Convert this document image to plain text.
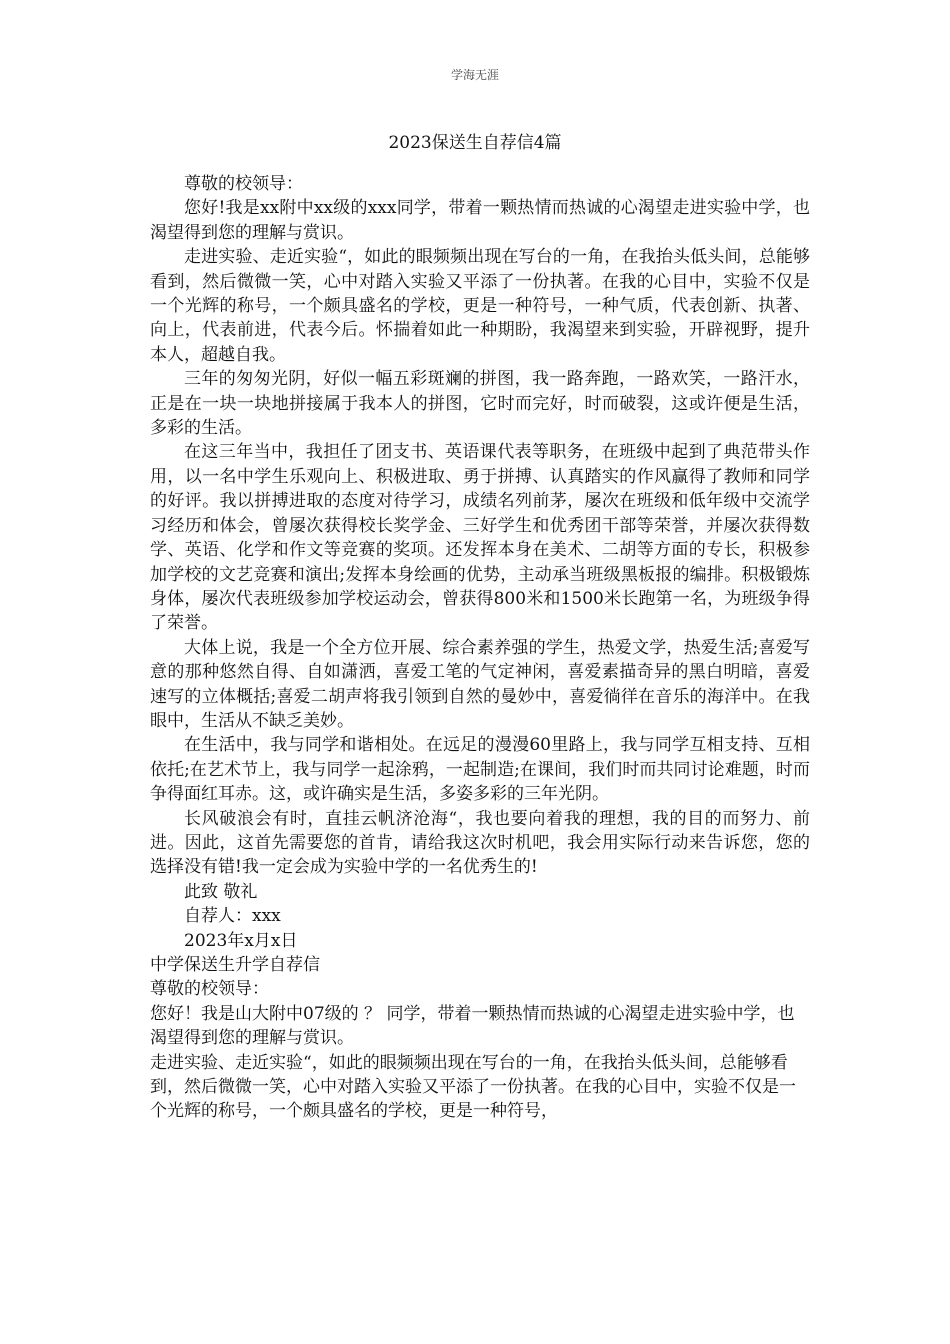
学海无涯
2023保送生自荐信4篇

尊敬的校领导：

您好!我是xx附中xx级的xxx同学，带着一颗热情而热诚的心渴望走进实验中学，也渴望得到您的理解与赏识。

走进实验、走近实验“，如此的眼频频出现在写台的一角，在我抬头低头间，总能够看到，然后微微一笑，心中对踏入实验又平添了一份执著。在我的心目中，实验不仅是一个光辉的称号，一个颇具盛名的学校，更是一种符号，一种气质，代表创新、执著、向上，代表前进，代表今后。怀揣着如此一种期盼，我渴望来到实验，开辟视野，提升本人，超越自我。

三年的匆匆光阴，好似一幅五彩斑斓的拼图，我一路奔跑，一路欢笑，一路汗水，正是在一块一块地拼接属于我本人的拼图，它时而完好，时而破裂，这或许便是生活，多彩的生活。

在这三年当中，我担任了团支书、英语课代表等职务，在班级中起到了典范带头作用，以一名中学生乐观向上、积极进取、勇于拼搏、认真踏实的作风赢得了教师和同学的好评。我以拼搏进取的态度对待学习，成绩名列前茅，屡次在班级和低年级中交流学习经历和体会，曾屡次获得校长奖学金、三好学生和优秀团干部等荣誉，并屡次获得数学、英语、化学和作文等竞赛的奖项。还发挥本身在美术、二胡等方面的专长，积极参加学校的文艺竞赛和演出;发挥本身绘画的优势，主动承当班级黑板报的编排。积极锻炼身体，屡次代表班级参加学校运动会，曾获得800米和1500米长跑第一名，为班级争得了荣誉。

大体上说，我是一个全方位开展、综合素养强的学生，热爱文学，热爱生活;喜爱写意的那种悠然自得、自如潇洒，喜爱工笔的气定神闲，喜爱素描奇异的黑白明暗，喜爱速写的立体概括;喜爱二胡声将我引领到自然的曼妙中，喜爱徜徉在音乐的海洋中。在我眼中，生活从不缺乏美妙。

在生活中，我与同学和谐相处。在远足的漫漫60里路上，我与同学互相支持、互相依托;在艺术节上，我与同学一起涂鸦，一起制造;在课间，我们时而共同讨论难题，时而争得面红耳赤。这，或许确实是生活，多姿多彩的三年光阴。

长风破浪会有时，直挂云帆济沧海“，我也要向着我的理想，我的目的而努力、前进。因此，这首先需要您的首肯，请给我这次时机吧，我会用实际行动来告诉您，您的选择没有错!我一定会成为实验中学的一名优秀生的!

此致 敬礼

自荐人：xxx

2023年x月x日

中学保送生升学自荐信

尊敬的校领导：

您好！我是山大附中07级的 ？ 同学，带着一颗热情而热诚的心渴望走进实验中学，也渴望得到您的理解与赏识。

走进实验、走近实验“，如此的眼频频出现在写台的一角，在我抬头低头间，总能够看到，然后微微一笑，心中对踏入实验又平添了一份执著。在我的心目中，实验不仅是一个光辉的称号，一个颇具盛名的学校，更是一种符号，
